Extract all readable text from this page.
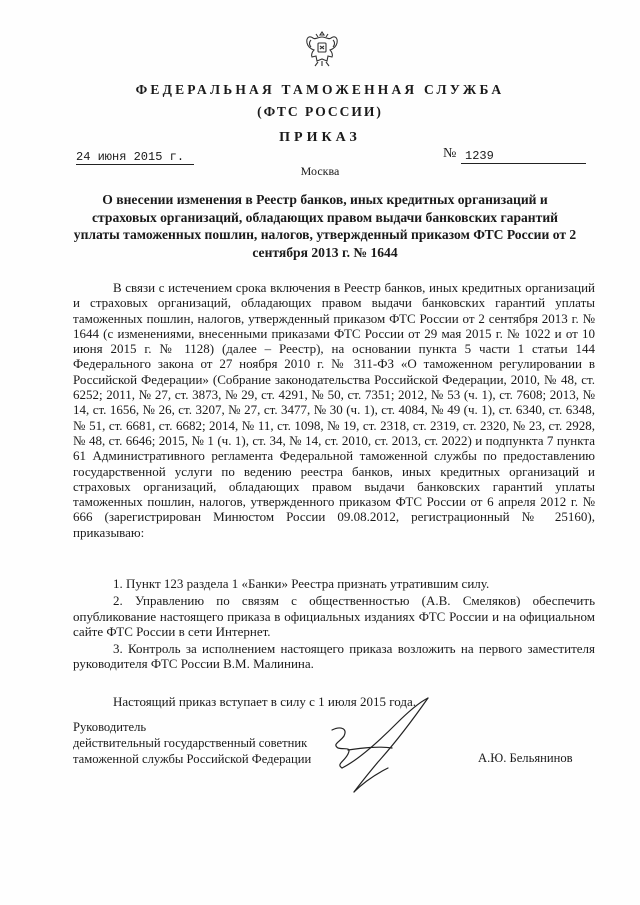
ФЕДЕРАЛЬНАЯ ТАМОЖЕННАЯ СЛУЖБА
(ФТС РОССИИ)
ПРИКАЗ
24 июня 2015 г.	№ 1239
Москва
О внесении изменения в Реестр банков, иных кредитных организаций и страховых организаций, обладающих правом выдачи банковских гарантий уплаты таможенных пошлин, налогов, утвержденный приказом ФТС России от 2 сентября 2013 г. № 1644

В связи с истечением срока включения в Реестр банков, иных кредитных организаций и страховых организаций, обладающих правом выдачи банковских гарантий уплаты таможенных пошлин, налогов, утвержденный приказом ФТС России от 2 сентября 2013 г. № 1644 (с изменениями, внесенными приказами ФТС России от 29 мая 2015 г. № 1022 и от 10 июня 2015 г. № 1128) (далее – Реестр), на основании пункта 5 части 1 статьи 144 Федерального закона от 27 ноября 2010 г. № 311-ФЗ «О таможенном регулировании в Российской Федерации» (Собрание законодательства Российской Федерации, 2010, № 48, ст. 6252; 2011, № 27, ст. 3873, № 29, ст. 4291, № 50, ст. 7351; 2012, № 53 (ч. 1), ст. 7608; 2013, № 14, ст. 1656, № 26, ст. 3207, № 27, ст. 3477, № 30 (ч. 1), ст. 4084, № 49 (ч. 1), ст. 6340, ст. 6348, № 51, ст. 6681, ст. 6682; 2014, № 11, ст. 1098, № 19, ст. 2318, ст. 2319, ст. 2320, № 23, ст. 2928, № 48, ст. 6646; 2015, № 1 (ч. 1), ст. 34, № 14, ст. 2010, ст. 2013, ст. 2022) и подпункта 7 пункта 61 Административного регламента Федеральной таможенной службы по предоставлению государственной услуги по ведению реестра банков, иных кредитных организаций и страховых организаций, обладающих правом выдачи банковских гарантий уплаты таможенных пошлин, налогов, утвержденного приказом ФТС России от 6 апреля 2012 г. № 666 (зарегистрирован Минюстом России 09.08.2012, регистрационный № 25160), приказываю:

1. Пункт 123 раздела 1 «Банки» Реестра признать утратившим силу.

2. Управлению по связям с общественностью (А.В. Смеляков) обеспечить опубликование настоящего приказа в официальных изданиях ФТС России и на официальном сайте ФТС России в сети Интернет.

3. Контроль за исполнением настоящего приказа возложить на первого заместителя руководителя ФТС России В.М. Малинина.

Настоящий приказ вступает в силу с 1 июля 2015 года.
Руководитель
действительный государственный советник
таможенной службы Российской Федерации	А.Ю. Бельянинов
